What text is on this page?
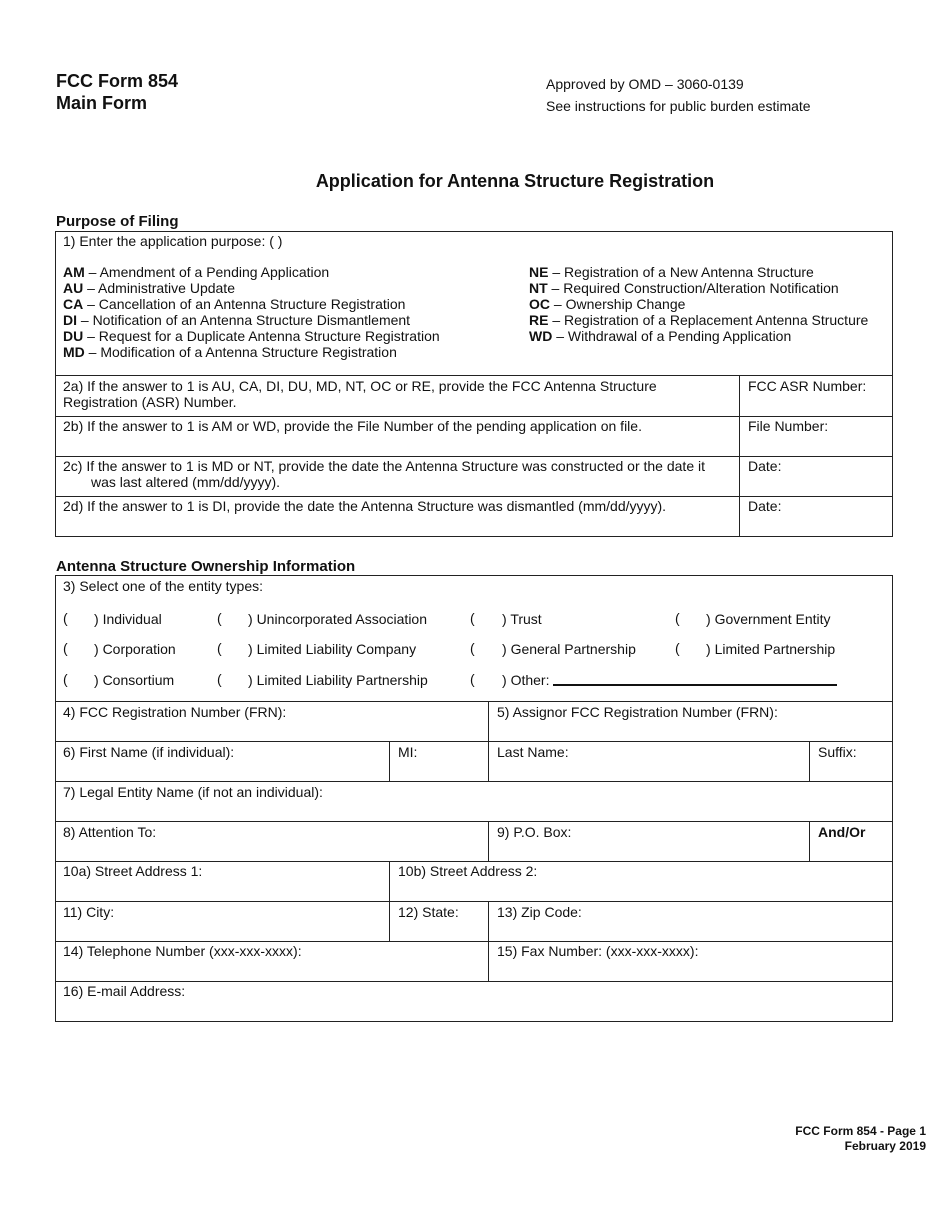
FCC Form 854
Main Form
Approved by OMD – 3060-0139
See instructions for public burden estimate
Application for Antenna Structure Registration
Purpose of Filing
1) Enter the application purpose: ( )
AM – Amendment of a Pending Application
AU – Administrative Update
CA – Cancellation of an Antenna Structure Registration
DI – Notification of an Antenna Structure Dismantlement
DU – Request for a Duplicate Antenna Structure Registration
MD – Modification of a Antenna Structure Registration
NE – Registration of a New Antenna Structure
NT – Required Construction/Alteration Notification
OC – Ownership Change
RE – Registration of a Replacement Antenna Structure
WD – Withdrawal of a Pending Application
2a) If the answer to 1 is AU, CA, DI, DU, MD, NT, OC or RE, provide the FCC Antenna Structure Registration (ASR) Number.
FCC ASR Number:
2b) If the answer to 1 is AM or WD, provide the File Number of the pending application on file.	File Number:
2c) If the answer to 1 is MD or NT, provide the date the Antenna Structure was constructed or the date it
was last altered (mm/dd/yyyy).
Date:
2d) If the answer to 1 is DI, provide the date the Antenna Structure was dismantled (mm/dd/yyyy).	Date:
Antenna Structure Ownership Information
3) Select one of the entity types:
( ) Individual	( ) Unincorporated Association	( ) Trust	( ) Government Entity
( ) Corporation	( ) Limited Liability Company	( ) General Partnership	( ) Limited Partnership
( ) Consortium	( ) Limited Liability Partnership	( ) Other:
4) FCC Registration Number (FRN):	5) Assignor FCC Registration Number (FRN):
6) First Name (if individual):	MI:	Last Name:	Suffix:
7) Legal Entity Name (if not an individual):
8) Attention To:	9) P.O. Box:	And/Or
10a) Street Address 1:	10b) Street Address 2:
11) City:	12) State:	13) Zip Code:
14) Telephone Number (xxx-xxx-xxxx):	15) Fax Number: (xxx-xxx-xxxx):
16) E-mail Address:
FCC Form 854 - Page 1
February 2019
